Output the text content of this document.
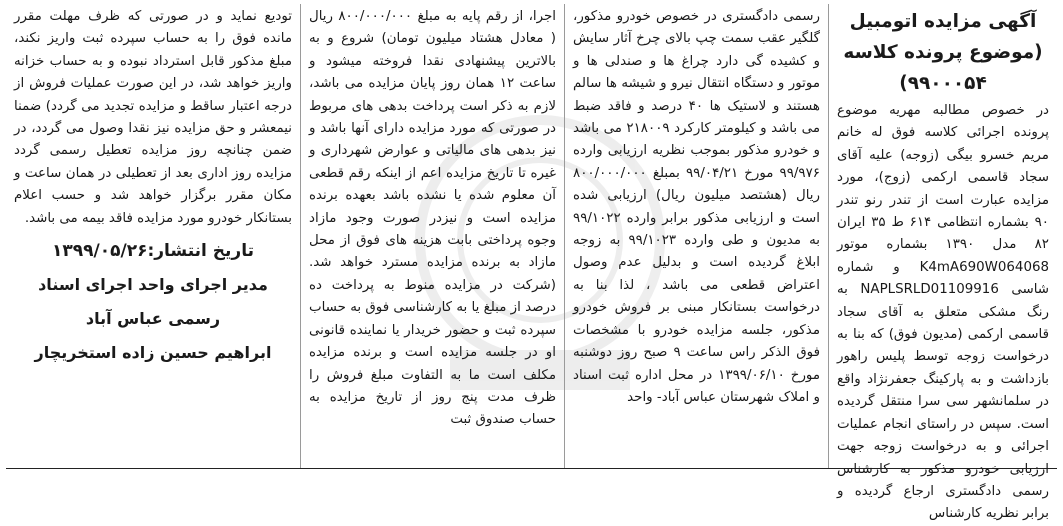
آگهی مزایده اتومبیل (موضوع پرونده کلاسه ۹۹۰۰۰۵۴)

در خصوص مطالبه مهریه موضوع پرونده اجرائی کلاسه فوق له خانم مریم خسرو بیگی (زوجه) علیه آقای سجاد قاسمی ارکمی (زوج)، مورد مزایده عبارت است از تندر رنو تندر ۹۰ بشماره انتظامی ۶۱۴ ط ۳۵ ایران ۸۲ مدل ۱۳۹۰ بشماره موتور K4mA690W064068 و شماره شاسی NAPLSRLD01109916 به رنگ مشکی متعلق به آقای سجاد قاسمی ارکمی (مدیون فوق) که بنا به درخواست زوجه توسط پلیس راهور بازداشت و به پارکینگ جعفرنژاد واقع در سلمانشهر سی سرا منتقل گردیده است. سپس در راستای انجام عملیات اجرائی و به درخواست زوجه جهت ارزیابی خودرو مذکور به کارشناس رسمی دادگستری ارجاع گردیده و برابر نظریه کارشناس

رسمی دادگستری در خصوص خودرو مذکور، گلگیر عقب سمت چپ بالای چرخ آثار سایش و کشیده گی دارد چراغ ها و صندلی ها و موتور و دستگاه انتقال نیرو و شیشه ها سالم هستند و لاستیک ها ۴۰ درصد و فاقد ضبط می باشد و کیلومتر کارکرد ۲۱۸۰۰۹ می باشد و خودرو مذکور بموجب نظریه ارزیابی وارده ۹۹/۹۷۶ مورخ ۹۹/۰۴/۲۱ بمبلغ ۸۰۰/۰۰۰/۰۰۰ ریال (هشتصد میلیون ریال) ارزیابی شده است و ارزیابی مذکور برابر وارده ۹۹/۱۰۲۲ به مدیون و طی وارده ۹۹/۱۰۲۳ به زوجه ابلاغ گردیده است و بدلیل عدم وصول اعتراض قطعی می باشد ، لذا بنا به درخواست بستانکار مبنی بر فروش خودرو مذکور، جلسه مزایده خودرو با مشخصات فوق الذکر راس ساعت ۹ صبح روز دوشنبه مورخ ۱۳۹۹/۰۶/۱۰ در محل اداره ثبت اسناد و املاک شهرستان عباس آباد- واحد

اجرا، از رقم پایه به مبلغ ۸۰۰/۰۰۰/۰۰۰ ریال ( معادل هشتاد میلیون تومان) شروع و به بالاترین پیشنهادی نقدا فروخته میشود و ساعت ۱۲ همان روز پایان مزایده می باشد، لازم به ذکر است پرداخت بدهی های مربوط در صورتی که مورد مزایده دارای آنها باشد و نیز بدهی های مالیاتی و عوارض شهرداری و غیره تا تاریخ مزایده اعم از اینکه رقم قطعی آن معلوم شده یا نشده باشد بعهده برنده مزایده است و نیزدر صورت وجود مازاد وجوه پرداختی بابت هزینه های فوق از محل مازاد به برنده مزایده مسترد خواهد شد.(شرکت در مزایده منوط به پرداخت ده درصد از مبلغ یا به کارشناسی فوق به حساب سپرده ثبت و حضور خریدار یا نماینده قانونی او در جلسه مزایده است و برنده مزایده مکلف است ما به التفاوت مبلغ فروش را ظرف مدت پنج روز از تاریخ مزایده به حساب صندوق ثبت

تودیع نماید و در صورتی که ظرف مهلت مقرر مانده فوق را به حساب سپرده ثبت واریز نکند، مبلغ مذکور قابل استرداد نبوده و به حساب خزانه واریز خواهد شد، در این صورت عملیات فروش از درجه اعتبار ساقط و مزایده تجدید می گردد) ضمنا نیمعشر و حق مزایده نیز نقدا وصول می گردد، در ضمن چنانچه روز مزایده تعطیل رسمی گردد مزایده روز اداری بعد از تعطیلی در همان ساعت و مکان مقرر برگزار خواهد شد و حسب اعلام بستانکار خودرو مورد مزایده فاقد بیمه می باشد.

تاریخ انتشار:۱۳۹۹/۰۵/۲۶
مدیر اجرای واحد اجرای اسناد
رسمی عباس آباد
ابراهیم حسین زاده استخریچار
